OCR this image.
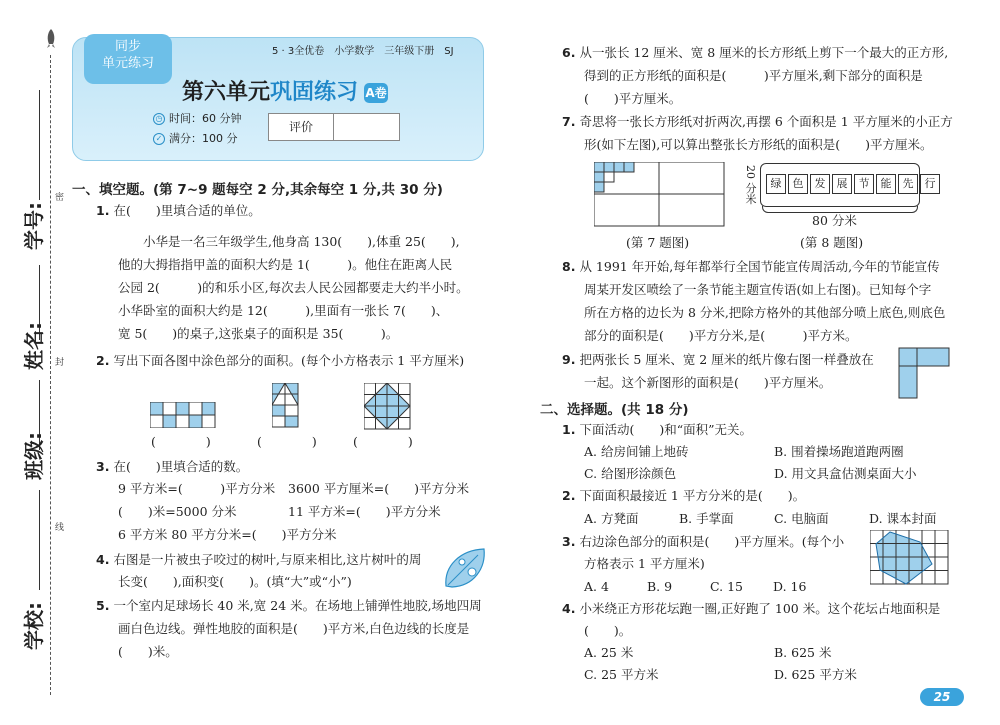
密
封
线
学号:
姓名:
班级:
学校:
同步
单元练习
5 · 3全优卷　小学数学　三年级下册　SJ
第六单元巩固练习 A卷
◷ 时间：60 分钟
✓ 满分：100 分
评价
一、填空题。(第 7~9 题每空 2 分,其余每空 1 分,共 30 分)
1. 在(　　)里填合适的单位。
小华是一名三年级学生,他身高 130(　　),体重 25(　　),
他的大拇指指甲盖的面积大约是 1(　　　)。他住在距离人民
公园 2(　　　)的和乐小区,每次去人民公园都要走大约半小时。
小华卧室的面积大约是 12(　　　),里面有一张长 7(　　)、
宽 5(　　)的桌子,这张桌子的面积是 35(　　　)。
2. 写出下面各图中涂色部分的面积。(每个小方格表示 1 平方厘米)
(　　　　)	(　　　　)	(　　　　)
3. 在(　　)里填合适的数。
9 平方米=(　　　)平方分米 3600 平方厘米=(　　)平方分米
(　　)米=5000 分米	11 平方米=(　　)平方分米
6 平方米 80 平方分米=(　　)平方分米
4. 右图是一片被虫子咬过的树叶,与原来相比,这片树叶的周
长变(　　),面积变(　　)。(填“大”或“小”)
5. 一个室内足球场长 40 米,宽 24 米。在场地上铺弹性地胶,场地四周
画白色边线。弹性地胶的面积是(　　)平方米,白色边线的长度是
(　　)米。
6. 从一张长 12 厘米、宽 8 厘米的长方形纸上剪下一个最大的正方形,
得到的正方形纸的面积是(　　　)平方厘米,剩下部分的面积是
(　　)平方厘米。
7. 奇思将一张长方形纸对折两次,再摆 6 个面积是 1 平方厘米的小正方
形(如下左图),可以算出整张长方形纸的面积是(　　)平方厘米。
(第 7 题图)
20 分米	绿	色	发	展	节	能	先	行
80 分米
(第 8 题图)
8. 从 1991 年开始,每年都举行全国节能宣传周活动,今年的节能宣传
周某开发区喷绘了一条节能主题宣传语(如上右图)。已知每个字
所在方格的边长为 8 分米,把除方格外的其他部分喷上底色,则底色
部分的面积是(　　)平方分米,是(　　　)平方米。
9. 把两张长 5 厘米、宽 2 厘米的纸片像右图一样叠放在
一起。这个新图形的面积是(　　)平方厘米。
二、选择题。(共 18 分)
1. 下面活动(　　)和“面积”无关。
A. 给房间铺上地砖	B. 围着操场跑道跑两圈
C. 给图形涂颜色	D. 用文具盒估测桌面大小
2. 下面面积最接近 1 平方分米的是(　　)。
A. 方凳面	B. 手掌面	C. 电脑面	D. 课本封面
3. 右边涂色部分的面积是(　　)平方厘米。(每个小
方格表示 1 平方厘米)
A. 4	B. 9	C. 15 D. 16
4. 小米绕正方形花坛跑一圈,正好跑了 100 米。这个花坛占地面积是
(　　)。
A. 25 米	B. 625 米
C. 25 平方米	D. 625 平方米
25
